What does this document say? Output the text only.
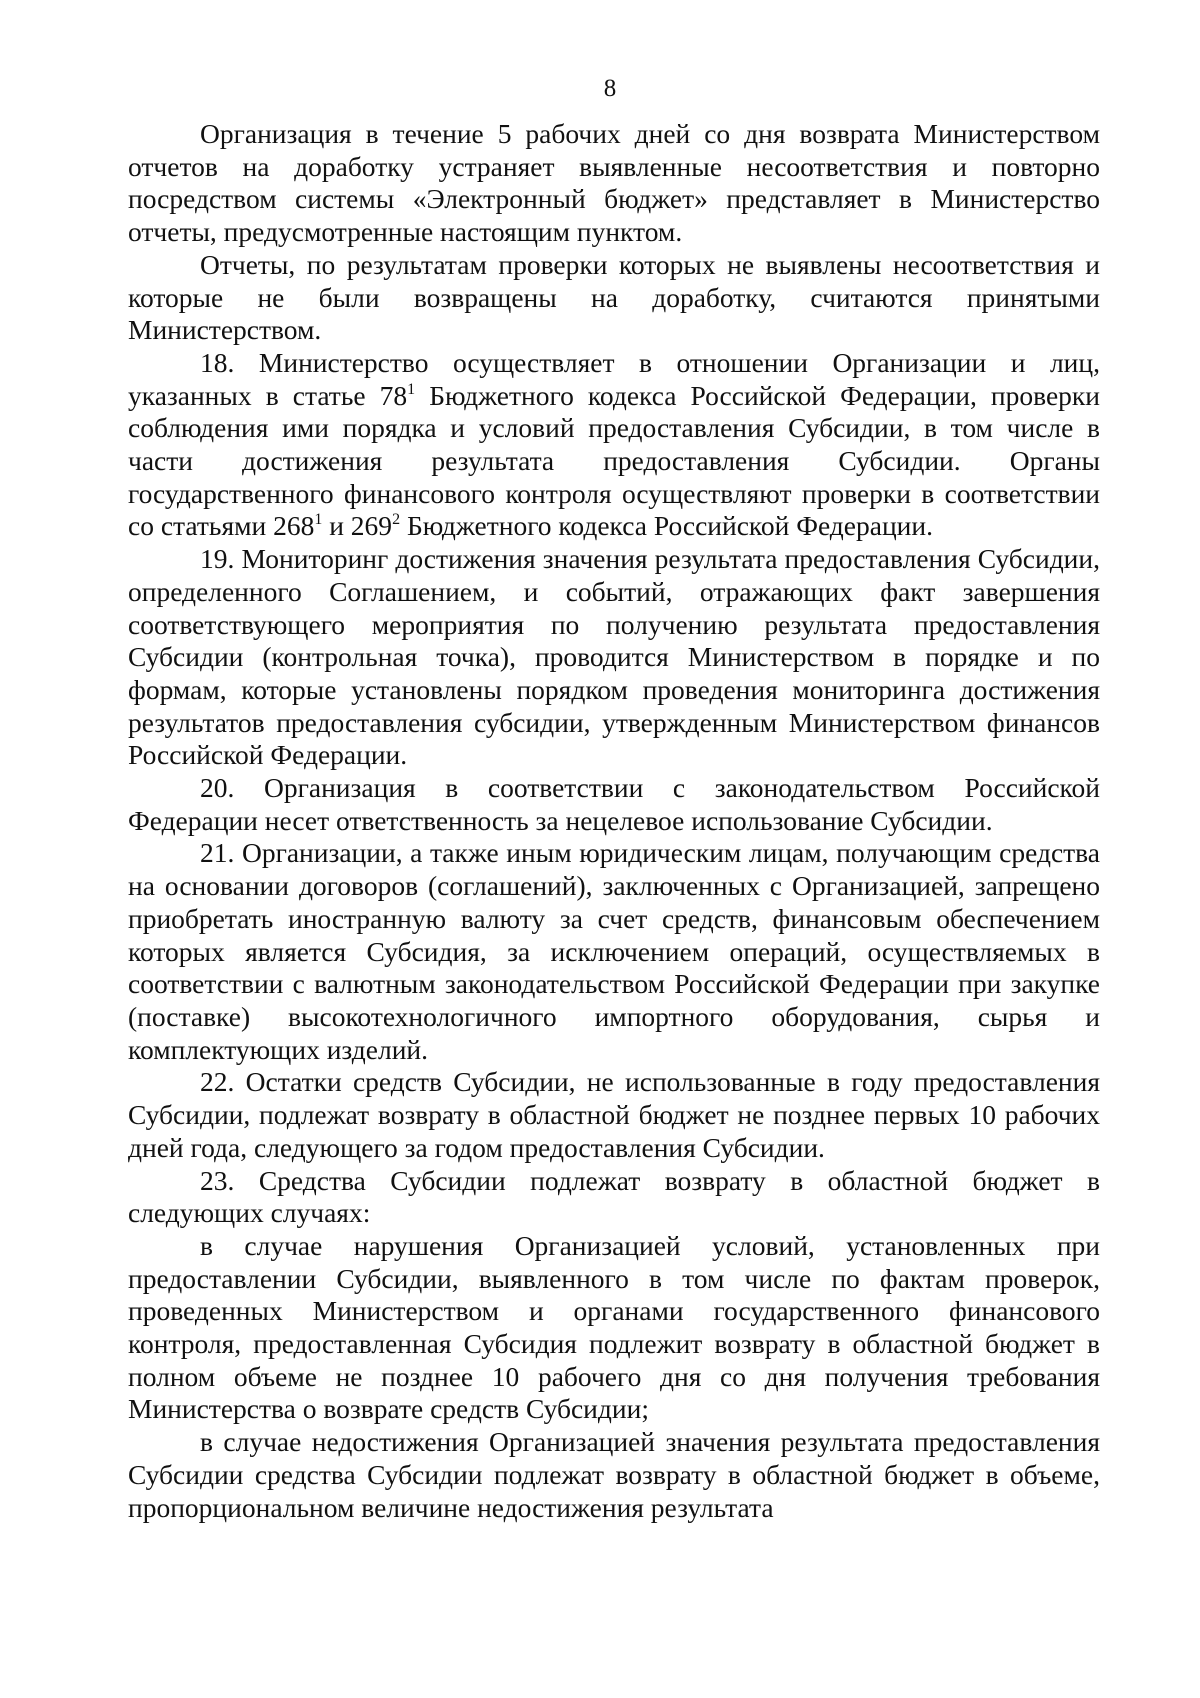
8

Организация в течение 5 рабочих дней со дня возврата Министерством отчетов на доработку устраняет выявленные несоответствия и повторно посредством системы «Электронный бюджет» представляет в Министерство отчеты, предусмотренные настоящим пунктом.

Отчеты, по результатам проверки которых не выявлены несоответствия и которые не были возвращены на доработку, считаются принятыми Министерством.

18. Министерство осуществляет в отношении Организации и лиц, указанных в статье $78^1$ Бюджетного кодекса Российской Федерации, проверки соблюдения ими порядка и условий предоставления Субсидии, в том числе в части достижения результата предоставления Субсидии. Органы государственного финансового контроля осуществляют проверки в соответствии со статьями $268^1$ и $269^2$ Бюджетного кодекса Российской Федерации.

19. Мониторинг достижения значения результата предоставления Субсидии, определенного Соглашением, и событий, отражающих факт завершения соответствующего мероприятия по получению результата предоставления Субсидии (контрольная точка), проводится Министерством в порядке и по формам, которые установлены порядком проведения мониторинга достижения результатов предоставления субсидии, утвержденным Министерством финансов Российской Федерации.

20. Организация в соответствии с законодательством Российской Федерации несет ответственность за нецелевое использование Субсидии.

21. Организации, а также иным юридическим лицам, получающим средства на основании договоров (соглашений), заключенных с Организацией, запрещено приобретать иностранную валюту за счет средств, финансовым обеспечением которых является Субсидия, за исключением операций, осуществляемых в соответствии с валютным законодательством Российской Федерации при закупке (поставке) высокотехнологичного импортного оборудования, сырья и комплектующих изделий.

22. Остатки средств Субсидии, не использованные в году предоставления Субсидии, подлежат возврату в областной бюджет не позднее первых 10 рабочих дней года, следующего за годом предоставления Субсидии.

23. Средства Субсидии подлежат возврату в областной бюджет в следующих случаях:

в случае нарушения Организацией условий, установленных при предоставлении Субсидии, выявленного в том числе по фактам проверок, проведенных Министерством и органами государственного финансового контроля, предоставленная Субсидия подлежит возврату в областной бюджет в полном объеме не позднее 10 рабочего дня со дня получения требования Министерства о возврате средств Субсидии;

в случае недостижения Организацией значения результата предоставления Субсидии средства Субсидии подлежат возврату в областной бюджет в объеме, пропорциональном величине недостижения результата
